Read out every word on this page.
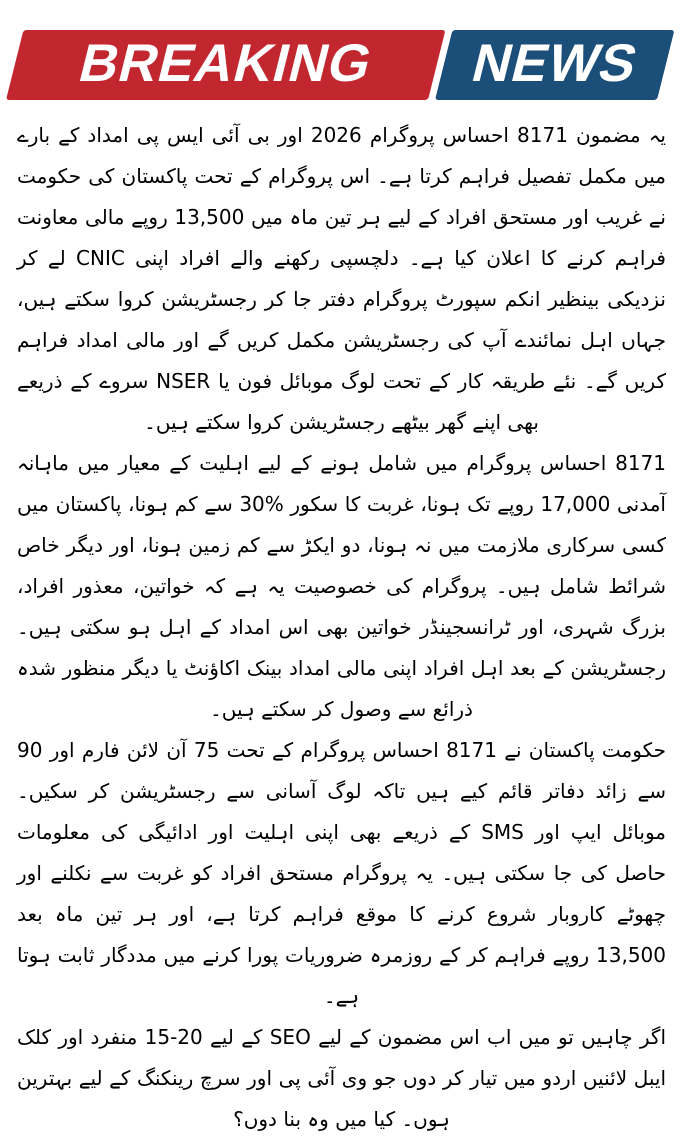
BREAKING NEWS

یہ مضمون 8171 احساس پروگرام 2026 اور بی آئی ایس پی امداد کے بارے میں مکمل تفصیل فراہم کرتا ہے۔ اس پروگرام کے تحت پاکستان کی حکومت نے غریب اور مستحق افراد کے لیے ہر تین ماہ میں 13,500 روپے مالی معاونت فراہم کرنے کا اعلان کیا ہے۔ دلچسپی رکھنے والے افراد اپنی CNIC لے کر نزدیکی بینظیر انکم سپورٹ پروگرام دفتر جا کر رجسٹریشن کروا سکتے ہیں، جہاں اہل نمائندے آپ کی رجسٹریشن مکمل کریں گے اور مالی امداد فراہم کریں گے۔ نئے طریقہ کار کے تحت لوگ موبائل فون یا NSER سروے کے ذریعے بھی اپنے گھر بیٹھے رجسٹریشن کروا سکتے ہیں۔

8171 احساس پروگرام میں شامل ہونے کے لیے اہلیت کے معیار میں ماہانہ آمدنی 17,000 روپے تک ہونا، غربت کا سکور %30 سے کم ہونا، پاکستان میں کسی سرکاری ملازمت میں نہ ہونا، دو ایکڑ سے کم زمین ہونا، اور دیگر خاص شرائط شامل ہیں۔ پروگرام کی خصوصیت یہ ہے کہ خواتین، معذور افراد، بزرگ شہری، اور ٹرانسجینڈر خواتین بھی اس امداد کے اہل ہو سکتی ہیں۔ رجسٹریشن کے بعد اہل افراد اپنی مالی امداد بینک اکاؤنٹ یا دیگر منظور شدہ ذرائع سے وصول کر سکتے ہیں۔

حکومت پاکستان نے 8171 احساس پروگرام کے تحت 75 آن لائن فارم اور 90 سے زائد دفاتر قائم کیے ہیں تاکہ لوگ آسانی سے رجسٹریشن کر سکیں۔ موبائل ایپ اور SMS کے ذریعے بھی اپنی اہلیت اور ادائیگی کی معلومات حاصل کی جا سکتی ہیں۔ یہ پروگرام مستحق افراد کو غربت سے نکلنے اور چھوٹے کاروبار شروع کرنے کا موقع فراہم کرتا ہے، اور ہر تین ماہ بعد 13,500 روپے فراہم کر کے روزمرہ ضروریات پورا کرنے میں مددگار ثابت ہوتا ہے۔

اگر چاہیں تو میں اب اس مضمون کے لیے SEO کے لیے 20-15 منفرد اور کلک ایبل لائنیں اردو میں تیار کر دوں جو وی آئی پی اور سرچ رینکنگ کے لیے بہترین ہوں۔ کیا میں وہ بنا دوں؟
